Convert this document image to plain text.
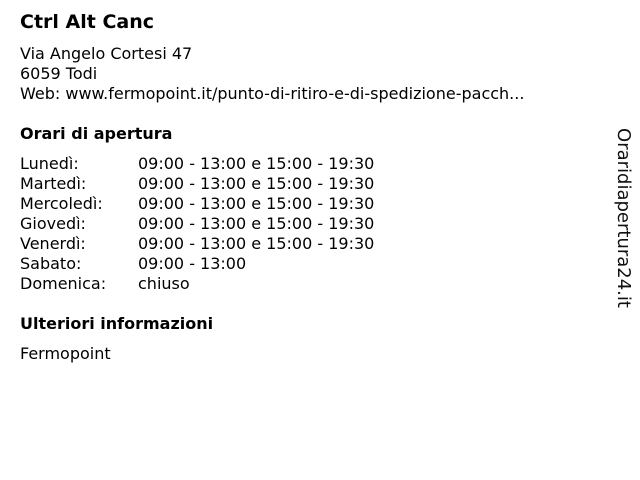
Ctrl Alt Canc
Via Angelo Cortesi 47
6059 Todi
Web: www.fermopoint.it/punto-di-ritiro-e-di-spedizione-pacch...
Orari di apertura
Lunedì:	09:00 - 13:00 e 15:00 - 19:30
Martedì:	09:00 - 13:00 e 15:00 - 19:30
Mercoledì: 09:00 - 13:00 e 15:00 - 19:30
Giovedì:	09:00 - 13:00 e 15:00 - 19:30
Venerdì:	09:00 - 13:00 e 15:00 - 19:30
Sabato:	09:00 - 13:00
Domenica: chiuso
Ulteriori informazioni
Fermopoint
Oraridiapertura24.it
